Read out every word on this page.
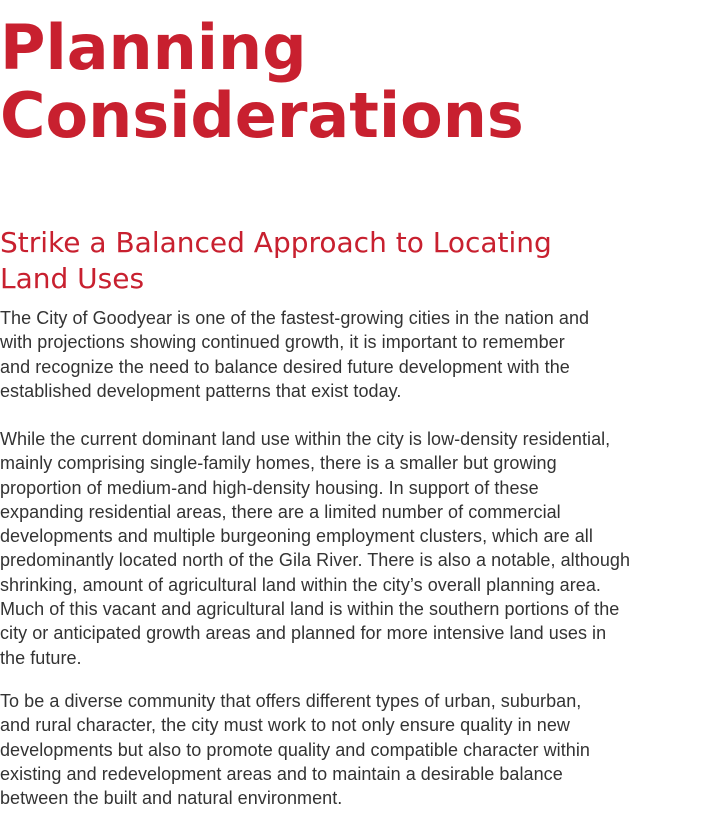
Planning
Considerations
Strike a Balanced Approach to Locating
Land Uses
The City of Goodyear is one of the fastest-growing cities in the nation and
with projections showing continued growth, it is important to remember
and recognize the need to balance desired future development with the
established development patterns that exist today.
While the current dominant land use within the city is low-density residential,
mainly comprising single-family homes, there is a smaller but growing
proportion of medium-and high-density housing. In support of these
expanding residential areas, there are a limited number of commercial
developments and multiple burgeoning employment clusters, which are all
predominantly located north of the Gila River. There is also a notable, although
shrinking, amount of agricultural land within the city’s overall planning area.
Much of this vacant and agricultural land is within the southern portions of the
city or anticipated growth areas and planned for more intensive land uses in
the future.
To be a diverse community that offers different types of urban, suburban,
and rural character, the city must work to not only ensure quality in new
developments but also to promote quality and compatible character within
existing and redevelopment areas and to maintain a desirable balance
between the built and natural environment.
